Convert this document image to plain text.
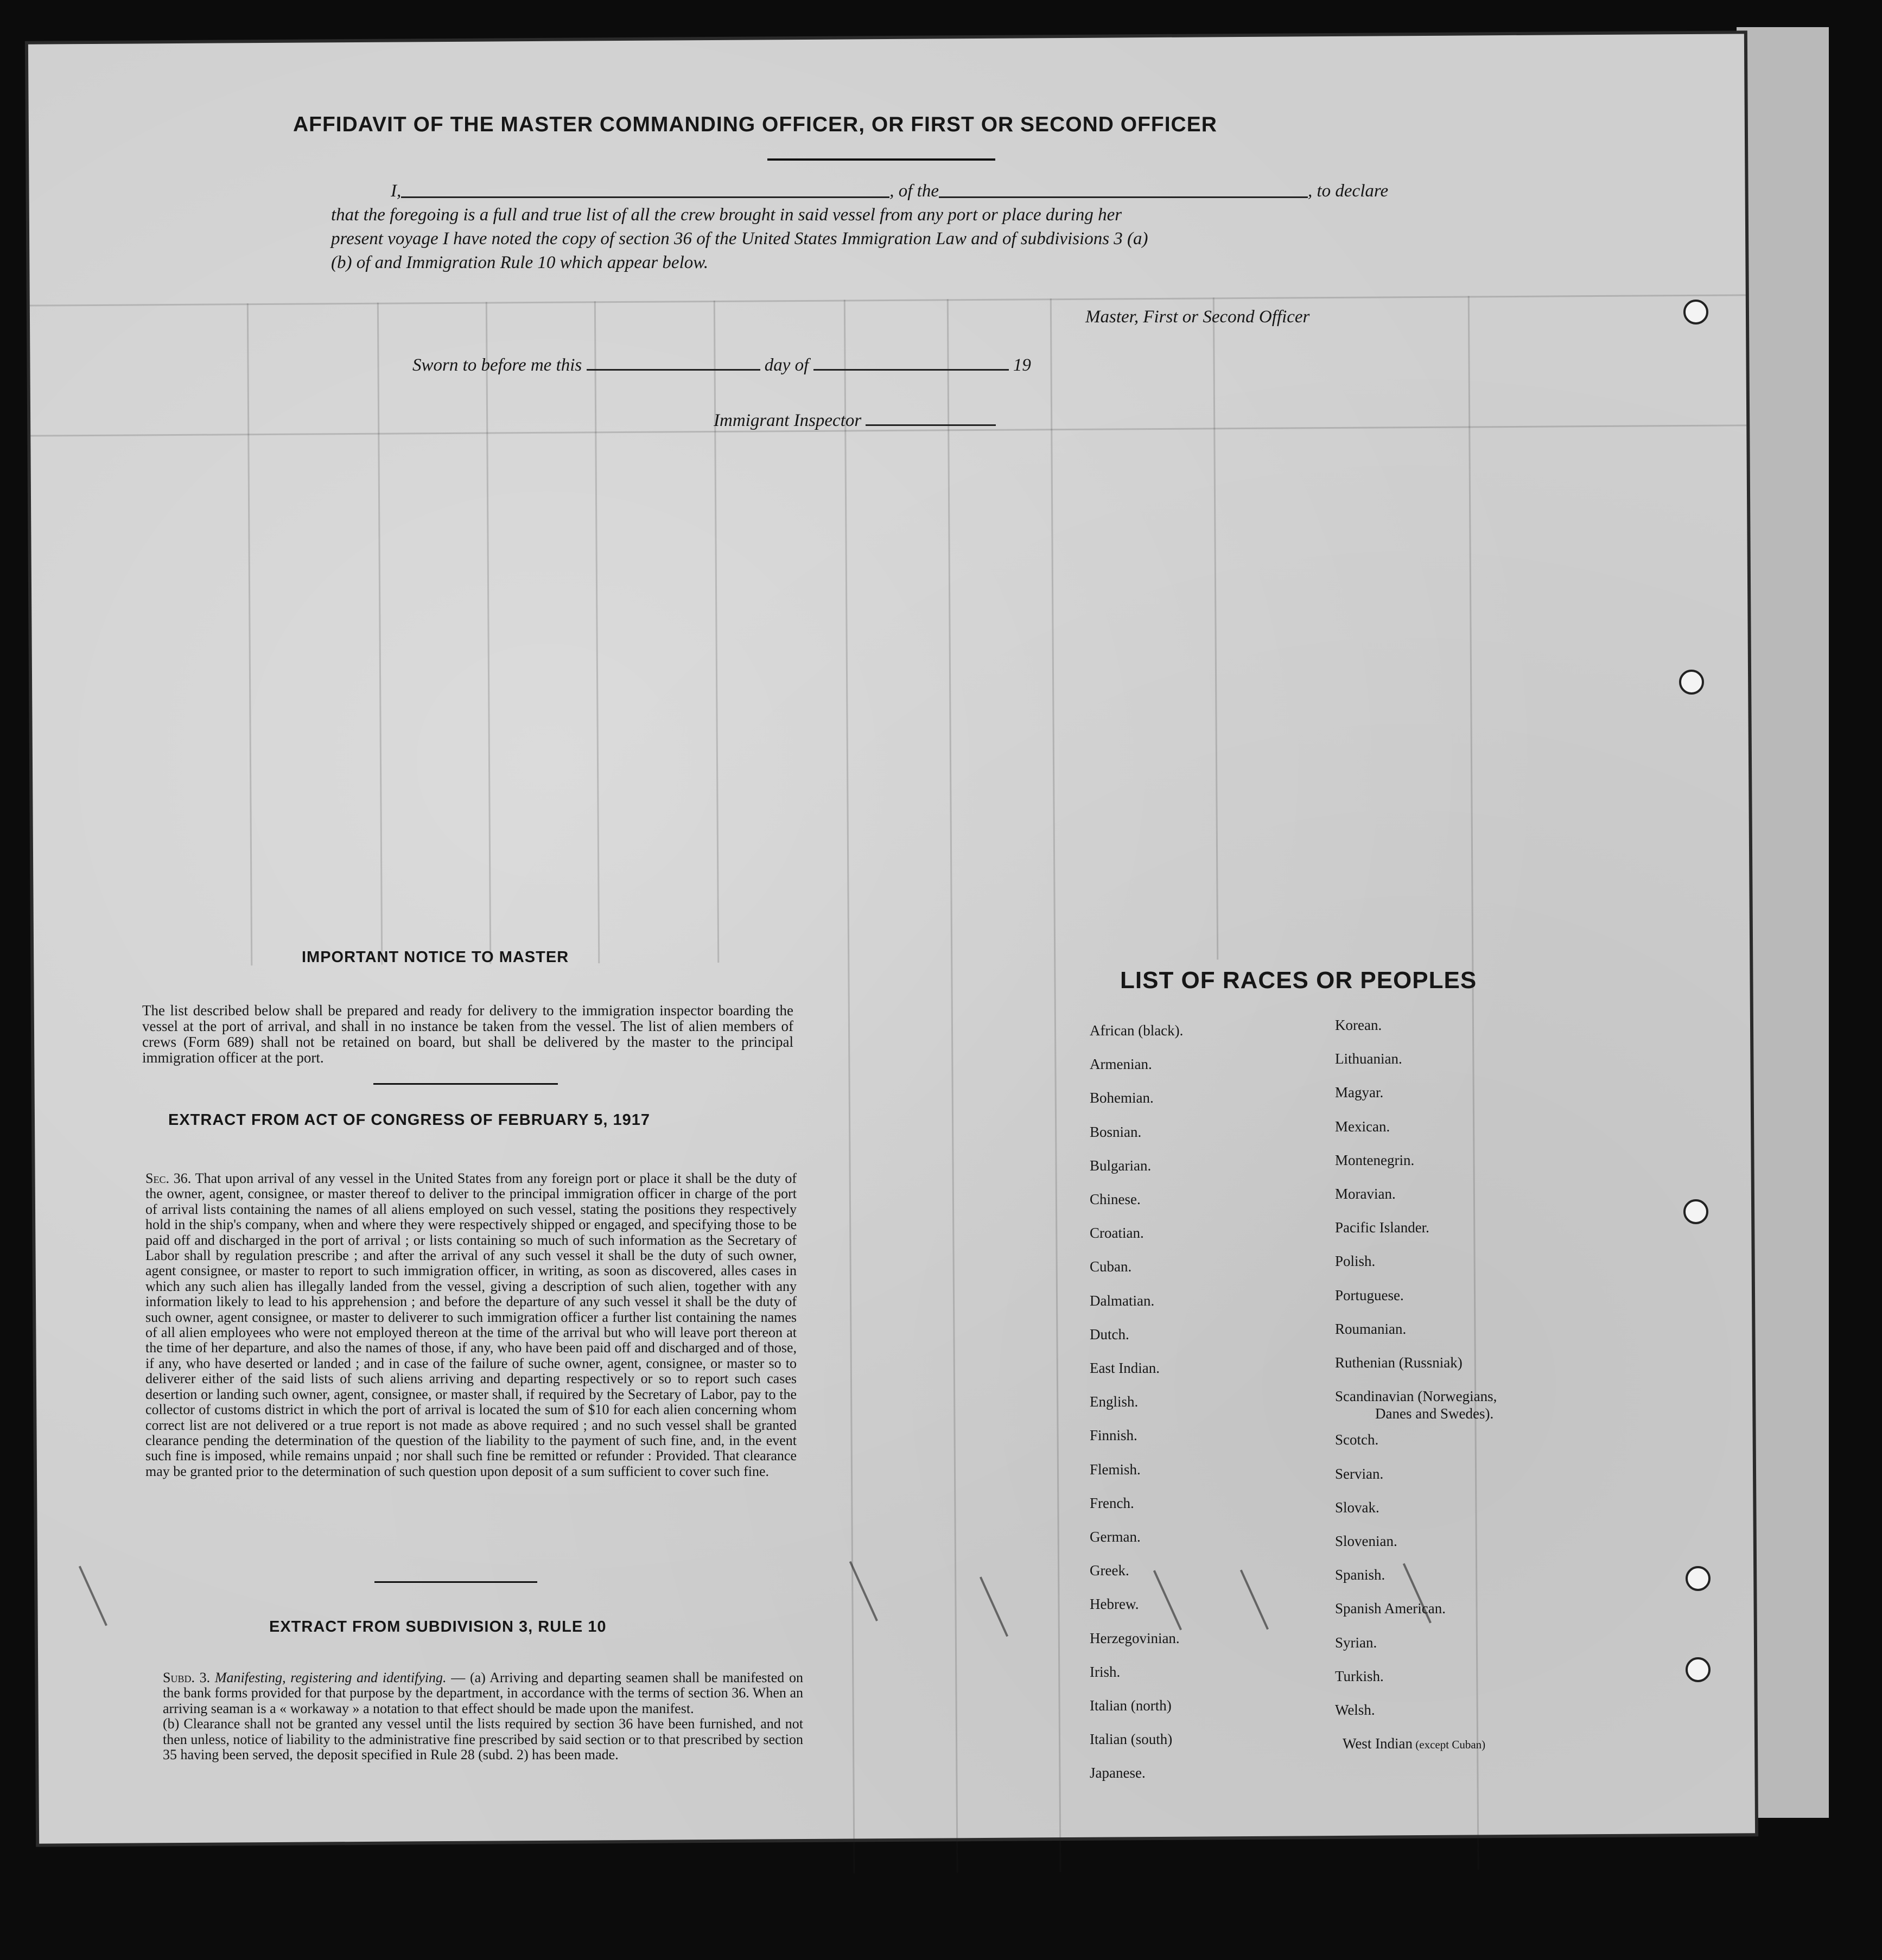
AFFIDAVIT OF THE MASTER COMMANDING OFFICER, OR FIRST OR SECOND OFFICER
I,	, of the	, to declare
that the foregoing is a full and true list of all the crew brought in said vessel from any port or place during her
present voyage I have noted the copy of section 36 of the United States Immigration Law and of subdivisions 3 (a)
(b) of and Immigration Rule 10 which appear below.
Master, First or Second Officer
Sworn to before me this	day of	19
Immigrant Inspector
IMPORTANT NOTICE TO MASTER
The list described below shall be prepared and ready for delivery to the immigration inspector boarding the vessel at the port of arrival, and shall in no instance be taken from the vessel. The list of alien members of crews (Form 689) shall not be retained on board, but shall be delivered by the master to the principal immigration officer at the port.
EXTRACT FROM ACT OF CONGRESS OF FEBRUARY 5, 1917
Sec. 36. That upon arrival of any vessel in the United States from any foreign port or place it shall be the duty of the owner, agent, consignee, or master thereof to deliver to the principal immigration officer in charge of the port of arrival lists containing the names of all aliens employed on such vessel, stating the positions they respectively hold in the ship's company, when and where they were respectively shipped or engaged, and specifying those to be paid off and discharged in the port of arrival ; or lists containing so much of such information as the Secretary of Labor shall by regulation prescribe ; and after the arrival of any such vessel it shall be the duty of such owner, agent consignee, or master to report to such immigration officer, in writing, as soon as discovered, alles cases in which any such alien has illegally landed from the vessel, giving a description of such alien, together with any information likely to lead to his apprehension ; and before the departure of any such vessel it shall be the duty of such owner, agent consignee, or master to deliverer to such immigration officer a further list containing the names of all alien employees who were not employed thereon at the time of the arrival but who will leave port thereon at the time of her departure, and also the names of those, if any, who have been paid off and discharged and of those, if any, who have deserted or landed ; and in case of the failure of suche owner, agent, consignee, or master so to deliverer either of the said lists of such aliens arriving and departing respectively or so to report such cases desertion or landing such owner, agent, consignee, or master shall, if required by the Secretary of Labor, pay to the collector of customs district in which the port of arrival is located the sum of $10 for each alien concerning whom correct list are not delivered or a true report is not made as above required ; and no such vessel shall be granted clearance pending the determination of the question of the liability to the payment of such fine, and, in the event such fine is imposed, while remains unpaid ; nor shall such fine be remitted or refunder : Provided. That clearance may be granted prior to the determination of such question upon deposit of a sum sufficient to cover such fine.
EXTRACT FROM SUBDIVISION 3, RULE 10
Subd. 3. Manifesting, registering and identifying. — (a) Arriving and departing seamen shall be manifested on the bank forms provided for that purpose by the department, in accordance with the terms of section 36. When an arriving seaman is a « workaway » a notation to that effect should be made upon the manifest.
(b) Clearance shall not be granted any vessel until the lists required by section 36 have been furnished, and not then unless, notice of liability to the administrative fine prescribed by said section or to that prescribed by section 35 having been served, the deposit specified in Rule 28 (subd. 2) has been made.
LIST OF RACES OR PEOPLES
African (black).
Armenian.
Bohemian.
Bosnian.
Bulgarian.
Chinese.
Croatian.
Cuban.
Dalmatian.
Dutch.
East Indian.
English.
Finnish.
Flemish.
French.
German.
Greek.
Hebrew.
Herzegovinian.
Irish.
Italian (north)
Italian (south)
Japanese.
Korean.
Lithuanian.
Magyar.
Mexican.
Montenegrin.
Moravian.
Pacific Islander.
Polish.
Portuguese.
Roumanian.
Ruthenian (Russniak)
Scandinavian (Norwegians,
Danes and Swedes).
Scotch.
Servian.
Slovak.
Slovenian.
Spanish.
Spanish American.
Syrian.
Turkish.
Welsh.
West Indian (except Cuban)
